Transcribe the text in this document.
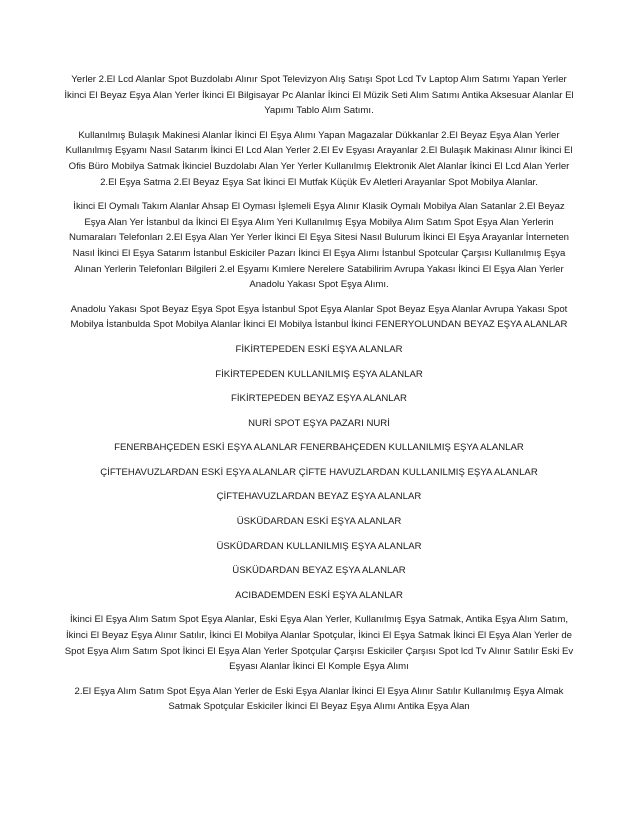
Yerler 2.El Lcd Alanlar Spot Buzdolabı Alınır Spot Televizyon Alış Satışı Spot Lcd Tv Laptop Alım Satımı Yapan Yerler İkinci El Beyaz Eşya Alan Yerler İkinci El Bilgisayar Pc Alanlar İkinci El Müzik Seti Alım Satımı Antika Aksesuar Alanlar El Yapımı Tablo Alım Satımı.

Kullanılmış Bulaşık Makinesi Alanlar İkinci El Eşya Alımı Yapan Magazalar Dükkanlar 2.El Beyaz Eşya Alan Yerler Kullanılmış Eşyamı Nasıl Satarım İkinci El Lcd Alan Yerler 2.El Ev Eşyası Arayanlar 2.El Bulaşık Makinası Alınır İkinci El Ofis Büro Mobilya Satmak İkinciel Buzdolabı Alan Yer Yerler Kullanılmış Elektronik Alet Alanlar İkinci El Lcd Alan Yerler 2.El Eşya Satma 2.El Beyaz Eşya Sat İkinci El Mutfak Küçük Ev Aletleri Arayanlar Spot Mobilya Alanlar.

İkinci El Oymalı Takım Alanlar Ahsap El Oyması İşlemeli Eşya Alınır Klasik Oymalı Mobilya Alan Satanlar 2.El Beyaz Eşya Alan Yer İstanbul da İkinci El Eşya Alım Yeri Kullanılmış Eşya Mobilya Alım Satım Spot Eşya Alan Yerlerin Numaraları Telefonları 2.El Eşya Alan Yer Yerler İkinci El Eşya Sitesi Nasıl Bulurum İkinci El Eşya Arayanlar İnterneten Nasıl İkinci El Eşya Satarım İstanbul Eskiciler Pazarı İkinci El Eşya Alımı İstanbul Spotcular Çarşısı Kullanılmış Eşya Alınan Yerlerin Telefonları Bilgileri 2.el Eşyamı Kımlere Nerelere Satabilirim Avrupa Yakası İkinci El Eşya Alan Yerler Anadolu Yakası Spot Eşya Alımı.

Anadolu Yakası Spot Beyaz Eşya Spot Eşya İstanbul Spot Eşya Alanlar Spot Beyaz Eşya Alanlar Avrupa Yakası Spot Mobilya İstanbulda Spot Mobilya Alanlar İkinci El Mobilya İstanbul İkinci FENERYOLUNDAN BEYAZ EŞYA ALANLAR

FİKİRTEPEDEN ESKİ EŞYA ALANLAR

FİKİRTEPEDEN KULLANILMIŞ EŞYA ALANLAR

FİKİRTEPEDEN BEYAZ EŞYA ALANLAR

NURİ SPOT EŞYA PAZARI NURİ

FENERBAHÇEDEN ESKİ EŞYA ALANLAR FENERBAHÇEDEN KULLANILMIŞ EŞYA ALANLAR

ÇİFTEHAVUZLARDAN ESKİ EŞYA ALANLAR ÇİFTE HAVUZLARDAN KULLANILMIŞ EŞYA ALANLAR

ÇİFTEHAVUZLARDAN BEYAZ EŞYA ALANLAR

ÜSKÜDARDAN ESKİ EŞYA ALANLAR

ÜSKÜDARDAN KULLANILMIŞ EŞYA ALANLAR

ÜSKÜDARDAN BEYAZ EŞYA ALANLAR

ACIBADEMDEN ESKİ EŞYA ALANLAR

İkinci El Eşya Alım Satım Spot Eşya Alanlar, Eski Eşya Alan Yerler, Kullanılmış Eşya Satmak, Antika Eşya Alım Satım, İkinci El Beyaz Eşya Alınır Satılır, İkinci El Mobilya Alanlar Spotçular, İkinci El Eşya Satmak İkinci El Eşya Alan Yerler de Spot Eşya Alım Satım Spot İkinci El Eşya Alan Yerler Spotçular Çarşısı Eskiciler Çarşısı Spot lcd Tv Alınır Satılır Eski Ev Eşyası Alanlar İkinci El Komple Eşya Alımı

2.El Eşya Alım Satım Spot Eşya Alan Yerler de Eski Eşya Alanlar İkinci El Eşya Alınır Satılır Kullanılmış Eşya Almak Satmak Spotçular Eskiciler İkinci El Beyaz Eşya Alımı Antika Eşya Alan
